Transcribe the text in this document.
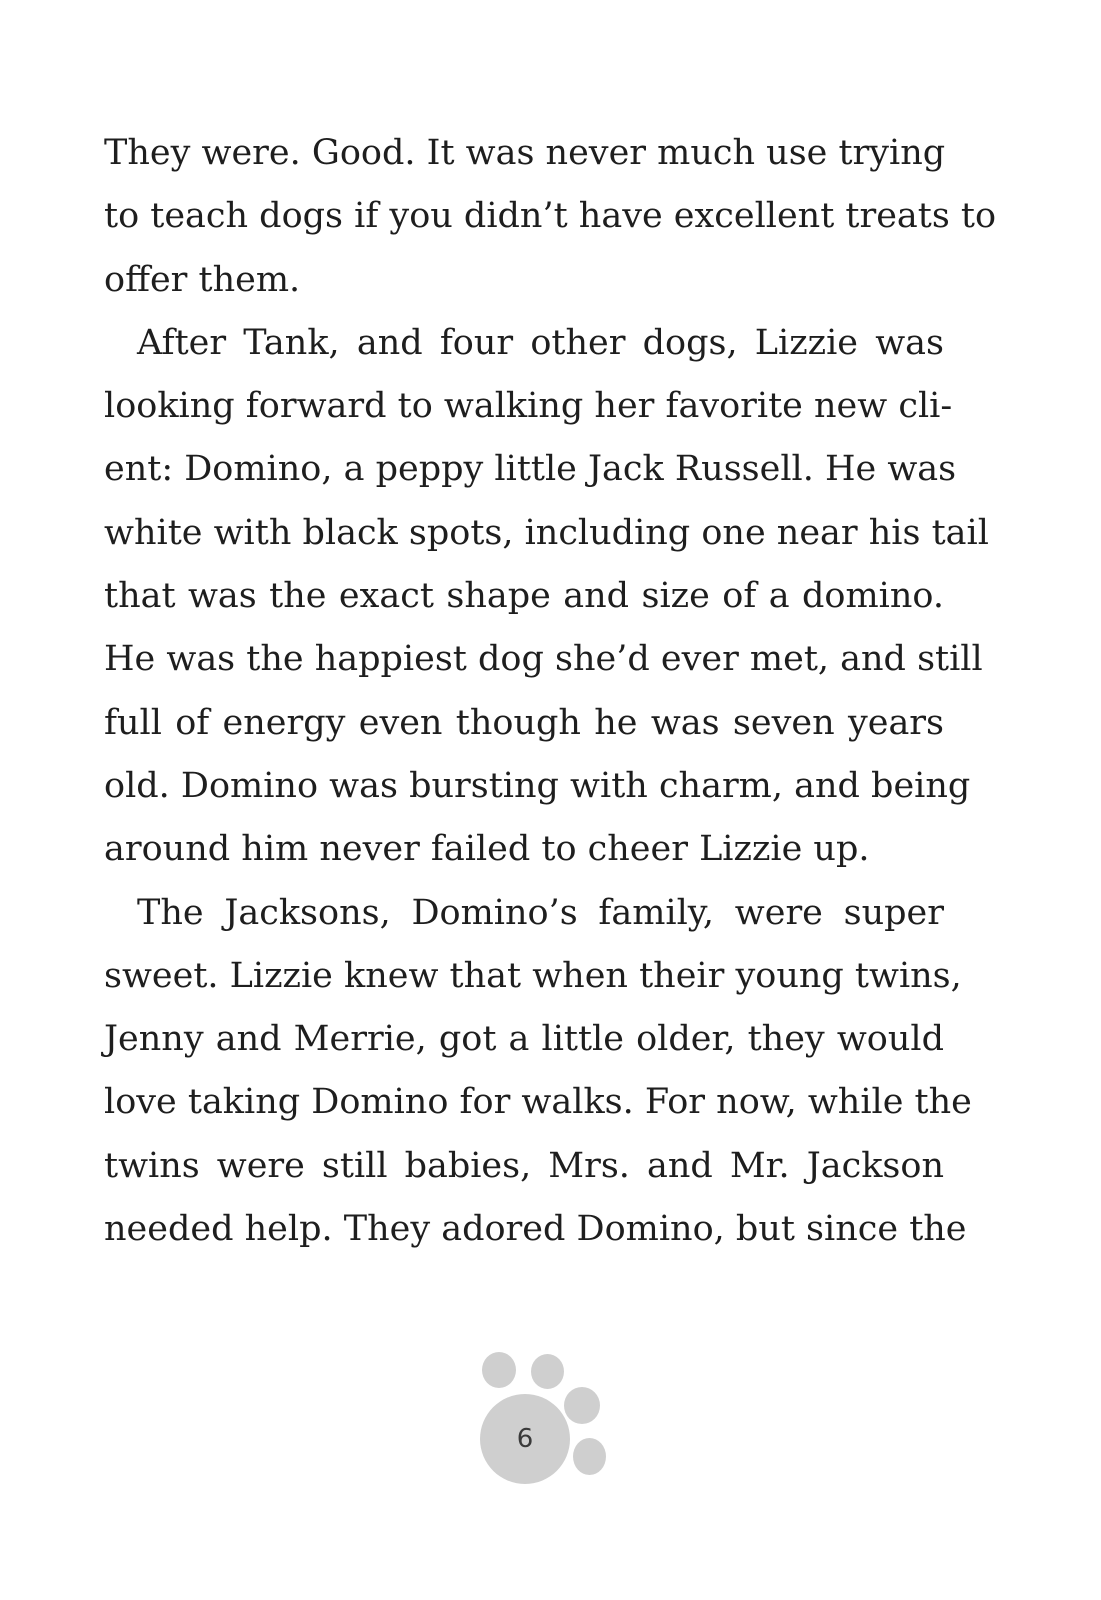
They were. Good. It was never much use trying
to teach dogs if you didn’t have excellent treats to
offer them.
After Tank, and four other dogs, Lizzie was
looking forward to walking her favorite new cli-
ent: Domino, a peppy little Jack Russell. He was
white with black spots, including one near his tail
that was the exact shape and size of a domino.
He was the happiest dog she’d ever met, and still
full of energy even though he was seven years
old. Domino was bursting with charm, and being
around him never failed to cheer Lizzie up.
The Jacksons, Domino’s family, were super
sweet. Lizzie knew that when their young twins,
Jenny and Merrie, got a little older, they would
love taking Domino for walks. For now, while the
twins were still babies, Mrs. and Mr. Jackson
needed help. They adored Domino, but since the
6
